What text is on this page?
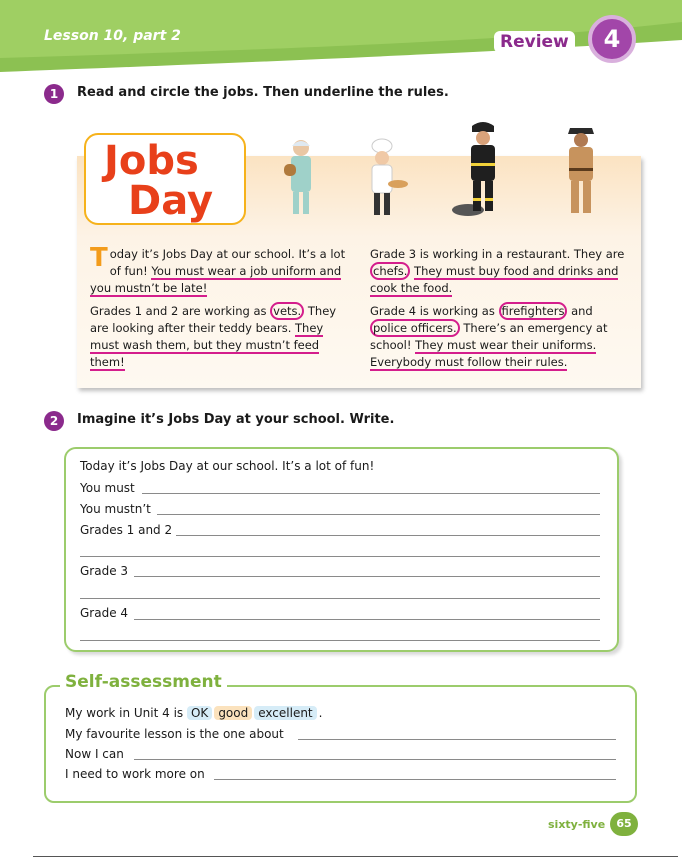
Lesson 10, part 2	Review	4
1	Read and circle the jobs. Then underline the rules.
Jobs
Day
Today it’s Jobs Day at our school. It’s a lot of fun! You must wear a job uniform and you mustn’t be late!
Grades 1 and 2 are working as vets. They are looking after their teddy bears. They must wash them, but they mustn’t feed them!
Grade 3 is working in a restaurant. They are chefs. They must buy food and drinks and cook the food.
Grade 4 is working as firefighters and police officers. There’s an emergency at school! They must wear their uniforms. Everybody must follow their rules.
2	Imagine it’s Jobs Day at your school. Write.
Today it’s Jobs Day at our school. It’s a lot of fun!
You must
You mustn’t
Grades 1 and 2
Grade 3
Grade 4
Self-assessment
My work in Unit 4 is OK good excellent .
My favourite lesson is the one about
Now I can
I need to work more on
sixty-five	65
